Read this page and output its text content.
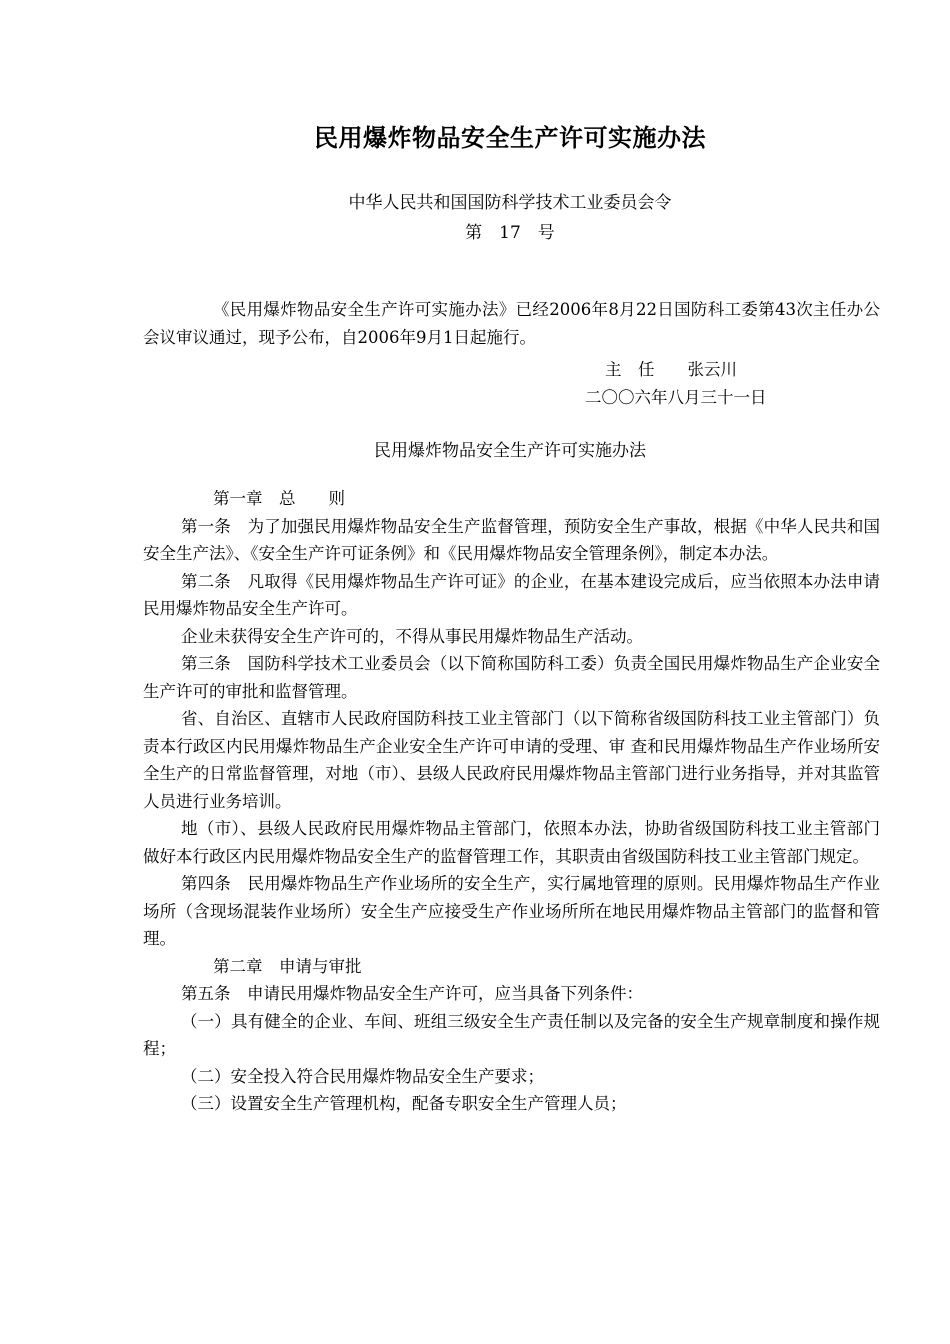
民用爆炸物品安全生产许可实施办法
中华人民共和国国防科学技术工业委员会令
第　17　号

《民用爆炸物品安全生产许可实施办法》已经2006年8月22日国防科工委第43次主任办公会议审议通过，现予公布，自2006年9月1日起施行。

主　任　　张云川
二〇〇六年八月三十一日
民用爆炸物品安全生产许可实施办法

第一章　总　　则

第一条　为了加强民用爆炸物品安全生产监督管理，预防安全生产事故，根据《中华人民共和国安全生产法》、《安全生产许可证条例》和《民用爆炸物品安全管理条例》，制定本办法。

第二条　凡取得《民用爆炸物品生产许可证》的企业，在基本建设完成后，应当依照本办法申请民用爆炸物品安全生产许可。

企业未获得安全生产许可的，不得从事民用爆炸物品生产活动。

第三条　国防科学技术工业委员会（以下简称国防科工委）负责全国民用爆炸物品生产企业安全生产许可的审批和监督管理。

省、自治区、直辖市人民政府国防科技工业主管部门（以下简称省级国防科技工业主管部门）负责本行政区内民用爆炸物品生产企业安全生产许可申请的受理、审 查和民用爆炸物品生产作业场所安全生产的日常监督管理，对地（市）、县级人民政府民用爆炸物品主管部门进行业务指导，并对其监管人员进行业务培训。

地（市）、县级人民政府民用爆炸物品主管部门，依照本办法，协助省级国防科技工业主管部门做好本行政区内民用爆炸物品安全生产的监督管理工作，其职责由省级国防科技工业主管部门规定。

第四条　民用爆炸物品生产作业场所的安全生产，实行属地管理的原则。民用爆炸物品生产作业场所（含现场混装作业场所）安全生产应接受生产作业场所所在地民用爆炸物品主管部门的监督和管理。

第二章　申请与审批

第五条　申请民用爆炸物品安全生产许可，应当具备下列条件：

（一）具有健全的企业、车间、班组三级安全生产责任制以及完备的安全生产规章制度和操作规程；

（二）安全投入符合民用爆炸物品安全生产要求；

（三）设置安全生产管理机构，配备专职安全生产管理人员；
